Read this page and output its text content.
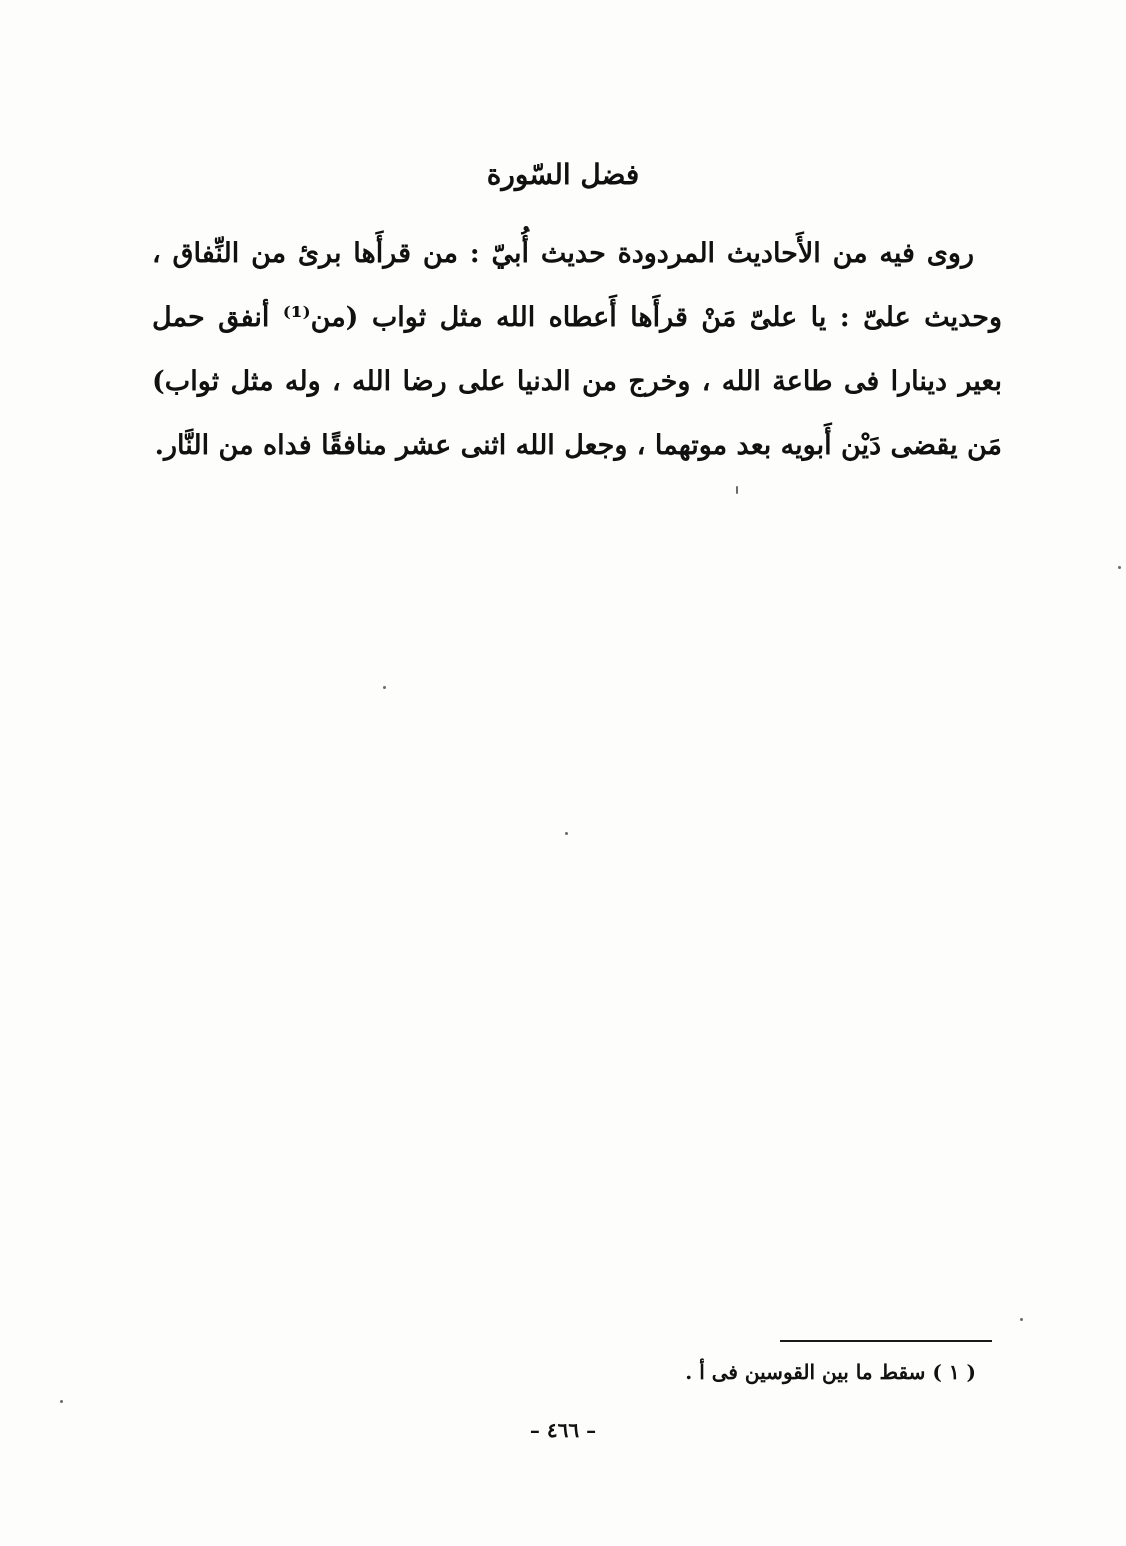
فضل السّورة
روى فيه من الأَحاديث المردودة حديث أُبيّ : من قرأَها برئ من النِّفاق ،
وحديث علىّ : يا علىّ مَنْ قرأَها أَعطاه الله مثل ثواب (من⁽¹⁾ أنفق حمل
بعير دينارا فى طاعة الله ، وخرج من الدنيا على رضا الله ، وله مثل ثواب)
مَن يقضى دَيْن أَبويه بعد موتهما ، وجعل الله اثنى عشر منافقًا فداه من النَّار.
( ١ ) سقط ما بين القوسين فى أ .
– ٤٦٦ –
